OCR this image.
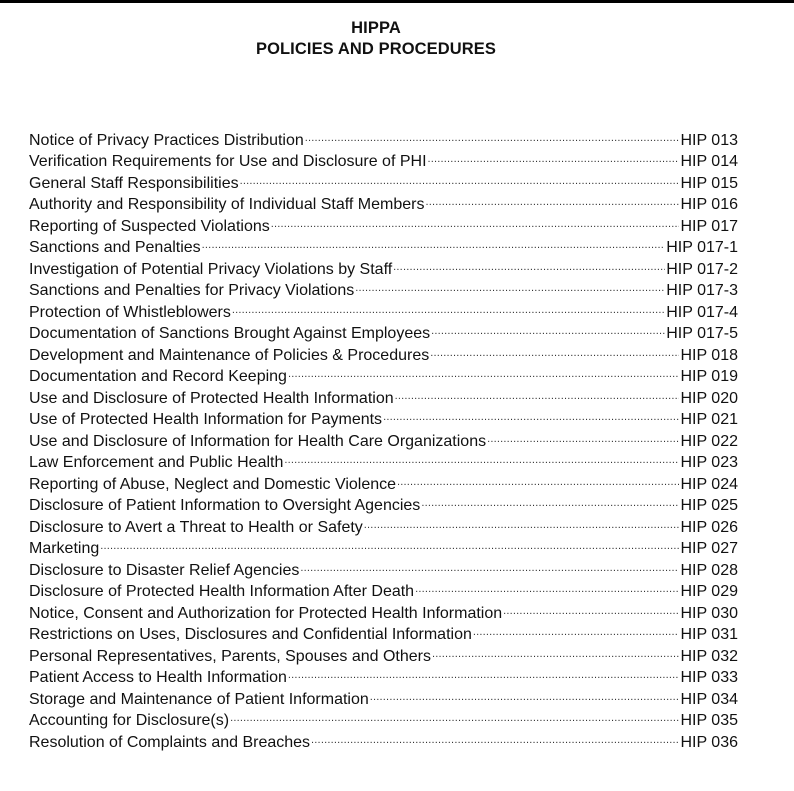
HIPPA
POLICIES AND PROCEDURES
Notice of Privacy Practices Distribution .....	HIP 013
Verification Requirements for Use and Disclosure of PHI .....	HIP 014
General Staff Responsibilities .....	HIP 015
Authority and Responsibility of Individual Staff Members .....	HIP 016
Reporting of Suspected Violations .....	HIP 017
Sanctions and Penalties .....	HIP 017-1
Investigation of Potential Privacy Violations by Staff .....	HIP 017-2
Sanctions and Penalties for Privacy Violations .....	HIP 017-3
Protection of Whistleblowers .....	HIP 017-4
Documentation of Sanctions Brought Against Employees .....	HIP 017-5
Development and Maintenance of Policies & Procedures .....	HIP 018
Documentation and Record Keeping .....	HIP 019
Use and Disclosure of Protected Health Information .....	HIP 020
Use of Protected Health Information for Payments .....	HIP 021
Use and Disclosure of Information for Health Care Organizations .....	HIP 022
Law Enforcement and Public Health .....	HIP 023
Reporting of Abuse, Neglect and Domestic Violence .....	HIP 024
Disclosure of Patient Information to Oversight Agencies .....	HIP 025
Disclosure to Avert a Threat to Health or Safety .....	HIP 026
Marketing .....	HIP 027
Disclosure to Disaster Relief Agencies .....	HIP 028
Disclosure of Protected Health Information After Death .....	HIP 029
Notice, Consent and Authorization for Protected Health Information .....	HIP 030
Restrictions on Uses, Disclosures and Confidential Information .....	HIP 031
Personal Representatives, Parents, Spouses and Others .....	HIP 032
Patient Access to Health Information .....	HIP 033
Storage and Maintenance of Patient Information .....	HIP 034
Accounting for Disclosure(s) .....	HIP 035
Resolution of Complaints and Breaches .....	HIP 036
